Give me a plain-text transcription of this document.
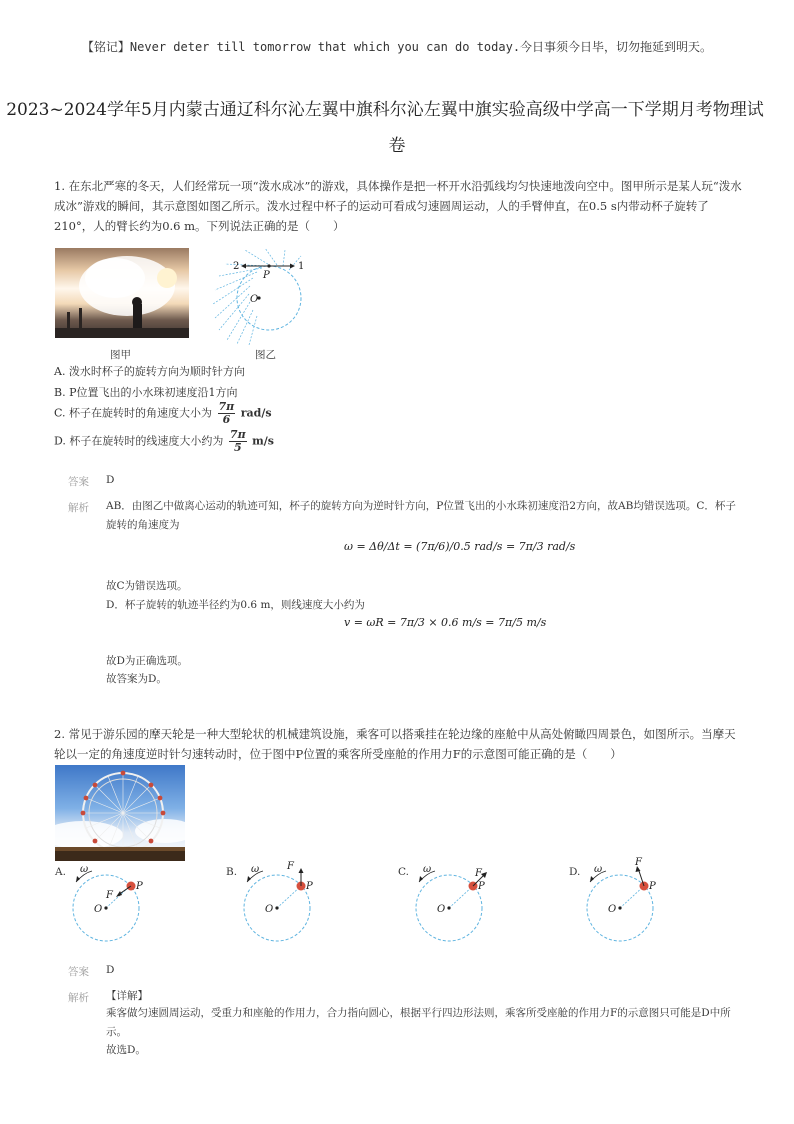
【铭记】Never deter till tomorrow that which you can do today.今日事须今日毕，切勿拖延到明天。
2023~2024学年5月内蒙古通辽科尔沁左翼中旗科尔沁左翼中旗实验高级中学高一下学期月考物理试
卷
1. 在东北严寒的冬天，人们经常玩一项“泼水成冰”的游戏，具体操作是把一杯开水沿弧线均匀快速地泼向空中。图甲所示是某人玩“泼水成冰”游戏的瞬间，其示意图如图乙所示。泼水过程中杯子的运动可看成匀速圆周运动，人的手臂伸直，在0.5 s内带动杯子旋转了210°，人的臂长约为0.6 m。下列说法正确的是（　　）
图甲
2	1
P
O
图乙
A. 泼水时杯子的旋转方向为顺时针方向
B. P位置飞出的小水珠初速度沿1方向
C. 杯子在旋转时的角速度大小为 $\frac{7\pi}{6} rad/s$
D. 杯子在旋转时的线速度大小约为 $\frac{7\pi}{5} m/s$
答案 D
解析 AB．由图乙中做离心运动的轨迹可知，杯子的旋转方向为逆时针方向，P位置飞出的小水珠初速度沿2方向，故AB均错误选项。C．杯子旋转的角速度为
ω = Δθ/Δt = (7π/6)/0.5 rad/s = 7π/3 rad/s
故C为错误选项。
D．杯子旋转的轨迹半径约为0.6 m，则线速度大小约为
v = ωR = 7π/3 × 0.6 m/s = 7π/5 m/s
故D为正确选项。
故答案为D。
2. 常见于游乐园的摩天轮是一种大型轮状的机械建筑设施，乘客可以搭乘挂在轮边缘的座舱中从高处俯瞰四周景色，如图所示。当摩天轮以一定的角速度逆时针匀速转动时，位于图中P位置的乘客所受座舱的作用力F的示意图可能正确的是（　　）
A. ω
F
P
O
B. ω	F
P
O
C. ω	F
P
O
D. ω
F
P
O
答案 D
解析 【详解】
乘客做匀速圆周运动，受重力和座舱的作用力，合力指向圆心，根据平行四边形法则，乘客所受座舱的作用力F的示意图只可能是D中所示。
故选D。
